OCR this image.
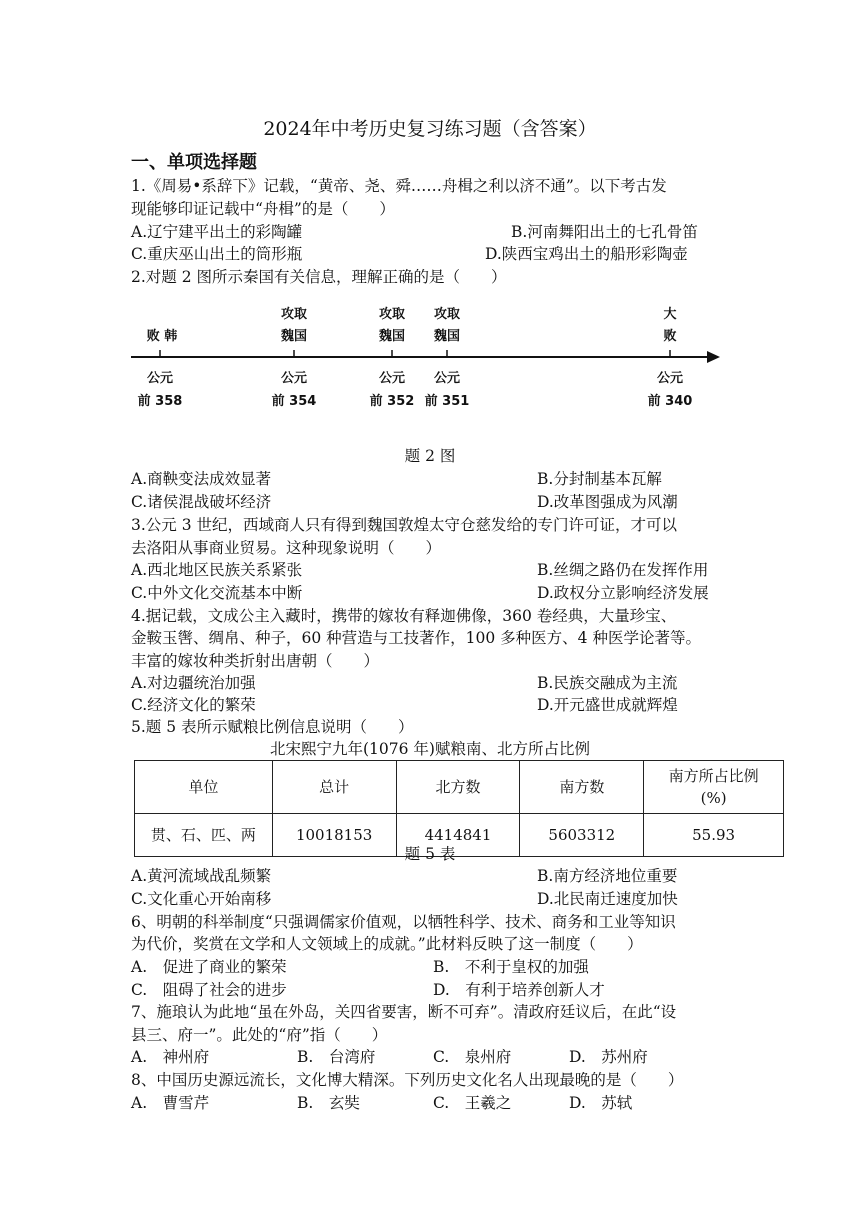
2024年中考历史复习练习题（含答案）
一、单项选择题
1.《周易•系辞下》记载，“黄帝、尧、舜……舟楫之利以济不通”。以下考古发
现能够印证记载中“舟楫”的是（　　）
A.辽宁建平出土的彩陶罐	B.河南舞阳出土的七孔骨笛
C.重庆巫山出土的筒形瓶	D.陕西宝鸡出土的船形彩陶壶
2.对题 2 图所示秦国有关信息，理解正确的是（　　）
败 韩
公元
前 358
攻取
魏国
公元
前 354
攻取
魏国
公元
前 352
攻取
魏国
公元
前 351
大
败
公元
前 340
题 2 图
A.商鞅变法成效显著	B.分封制基本瓦解
C.诸侯混战破坏经济	D.改革图强成为风潮
3.公元 3 世纪，西域商人只有得到魏国敦煌太守仓慈发给的专门许可证，才可以
去洛阳从事商业贸易。这种现象说明（　　）
A.西北地区民族关系紧张	B.丝绸之路仍在发挥作用
C.中外文化交流基本中断	D.政权分立影响经济发展
4.据记载，文成公主入藏时，携带的嫁妆有释迦佛像，360 卷经典，大量珍宝、
金鞍玉辔、绸帛、种子，60 种营造与工技著作，100 多种医方、4 种医学论著等。
丰富的嫁妆种类折射出唐朝（　　）
A.对边疆统治加强	B.民族交融成为主流
C.经济文化的繁荣	D.开元盛世成就辉煌
5.题 5 表所示赋粮比例信息说明（　　）
北宋熙宁九年(1076 年)赋粮南、北方所占比例
单位	总计	北方数	南方数	南方所占比例
(%)

贯、石、匹、两	10018153	4414841	5603312	55.93
题 5 表
A.黄河流域战乱频繁	B.南方经济地位重要
C.文化重心开始南移	D.北民南迁速度加快
6、明朝的科举制度“只强调儒家价值观，以牺牲科学、技术、商务和工业等知识
为代价，奖赏在文学和人文领域上的成就。”此材料反映了这一制度（　　）
A.　促进了商业的繁荣	B.　不利于皇权的加强
C.　阻碍了社会的进步	D.　有利于培养创新人才
7、施琅认为此地“虽在外岛，关四省要害，断不可弃”。清政府廷议后，在此“设
县三、府一”。此处的“府”指（　　）
A.　神州府	B.　台湾府	C.　泉州府	D.　苏州府
8、中国历史源远流长，文化博大精深。下列历史文化名人出现最晚的是（　　）
A.　曹雪芹	B.　玄奘	C.　王羲之	D.　苏轼
